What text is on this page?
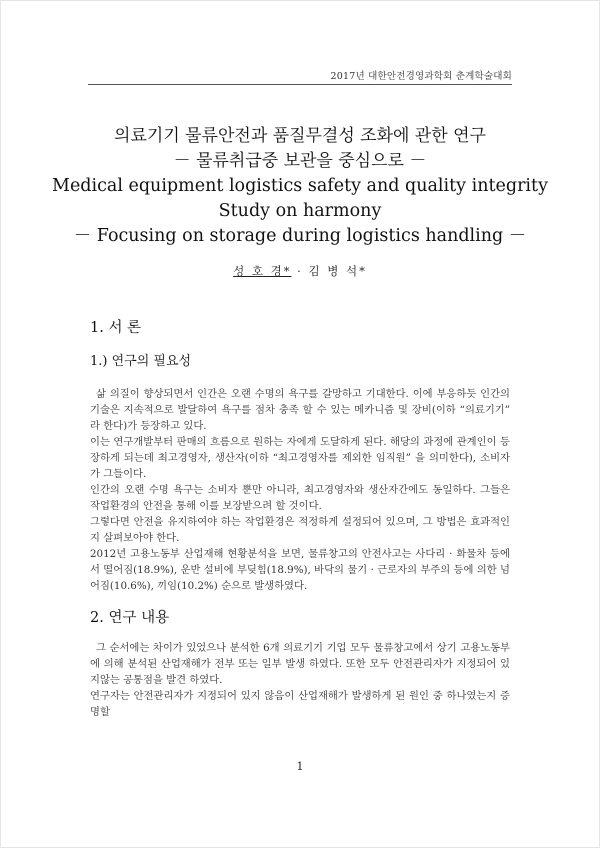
2017년 대한안전경영과학회 춘계학술대회
의료기기 물류안전과 품질무결성 조화에 관한 연구
－ 물류취급중 보관을 중심으로 －
Medical equipment logistics safety and quality integrity
Study on harmony
－ Focusing on storage during logistics handling －
성 호 경* · 김 병 석*
1. 서 론
1.) 연구의 필요성

삶 의질이 향상되면서 인간은 오랜 수명의 욕구를 갈망하고 기대한다. 이에 부응하듯 인간의 기술은 지속적으로 발달하여 욕구를 점차 충족 할 수 있는 메카니즘 및 장비(이하 “의료기기” 라 한다)가 등장하고 있다.

이는 연구개발부터 판매의 흐름으로 원하는 자에게 도달하게 된다. 해당의 과정에 관계인이 등장하게 되는데 최고경영자, 생산자(이하 “최고경영자를 제외한 임직원” 을 의미한다), 소비자가 그들이다.

인간의 오랜 수명 욕구는 소비자 뿐만 아니라, 최고경영자와 생산자간에도 동일하다. 그들은 작업환경의 안전을 통해 이를 보장받으려 할 것이다.

그렇다면 안전을 유지하여야 하는 작업환경은 적정하게 설정되어 있으며, 그 방법은 효과적인지 살펴보아야 한다.

2012년 고용노동부 산업재해 현황분석을 보면, 물류창고의 안전사고는 사다리 · 화물차 등에서 떨어짐(18.9%), 운반 설비에 부딪힘(18.9%), 바닥의 물기 · 근로자의 부주의 등에 의한 넘어짐(10.6%), 끼임(10.2%) 순으로 발생하였다.

2. 연구 내용

그 순서에는 차이가 있었으나 분석한 6개 의료기기 기업 모두 물류창고에서 상기 고용노동부에 의해 분석된 산업재해가 전부 또는 일부 발생 하였다. 또한 모두 안전관리자가 지정되어 있지않는 공통점을 발견 하였다.

연구자는 안전관리자가 지정되어 있지 않음이 산업재해가 발생하게 된 원인 중 하나였는지 증명할

1
